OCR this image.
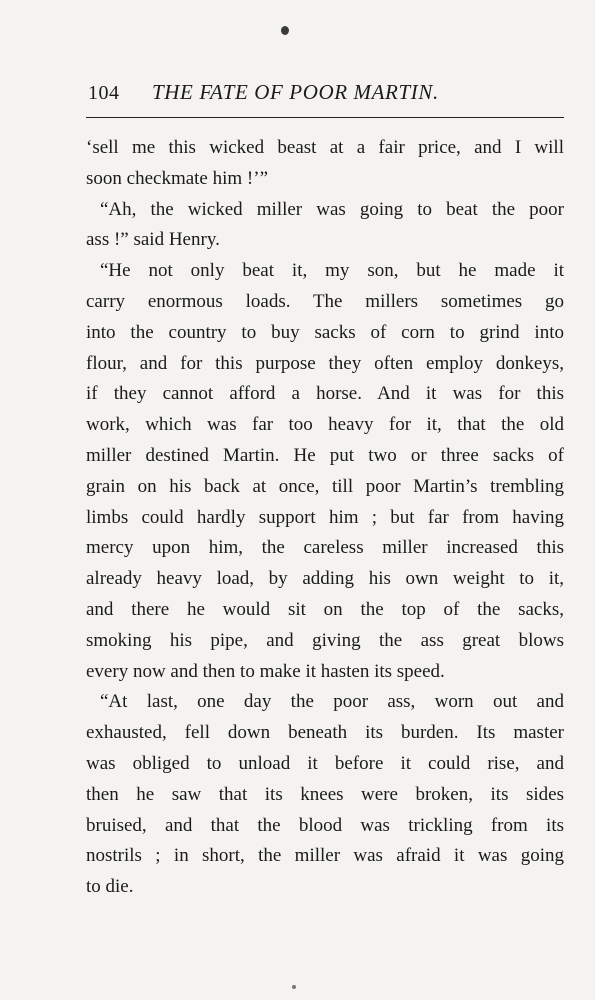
104 THE FATE OF POOR MARTIN.
‘sell me this wicked beast at a fair price, and I will
soon checkmate him !’”
“Ah, the wicked miller was going to beat the poor
ass !” said Henry.
“He not only beat it, my son, but he made it
carry enormous loads. The millers sometimes go
into the country to buy sacks of corn to grind into
flour, and for this purpose they often employ donkeys,
if they cannot afford a horse. And it was for this
work, which was far too heavy for it, that the old
miller destined Martin. He put two or three sacks of
grain on his back at once, till poor Martin’s trembling
limbs could hardly support him ; but far from having
mercy upon him, the careless miller increased this
already heavy load, by adding his own weight to it,
and there he would sit on the top of the sacks,
smoking his pipe, and giving the ass great blows
every now and then to make it hasten its speed.
“At last, one day the poor ass, worn out and
exhausted, fell down beneath its burden. Its master
was obliged to unload it before it could rise, and
then he saw that its knees were broken, its sides
bruised, and that the blood was trickling from its
nostrils ; in short, the miller was afraid it was going
to die.
